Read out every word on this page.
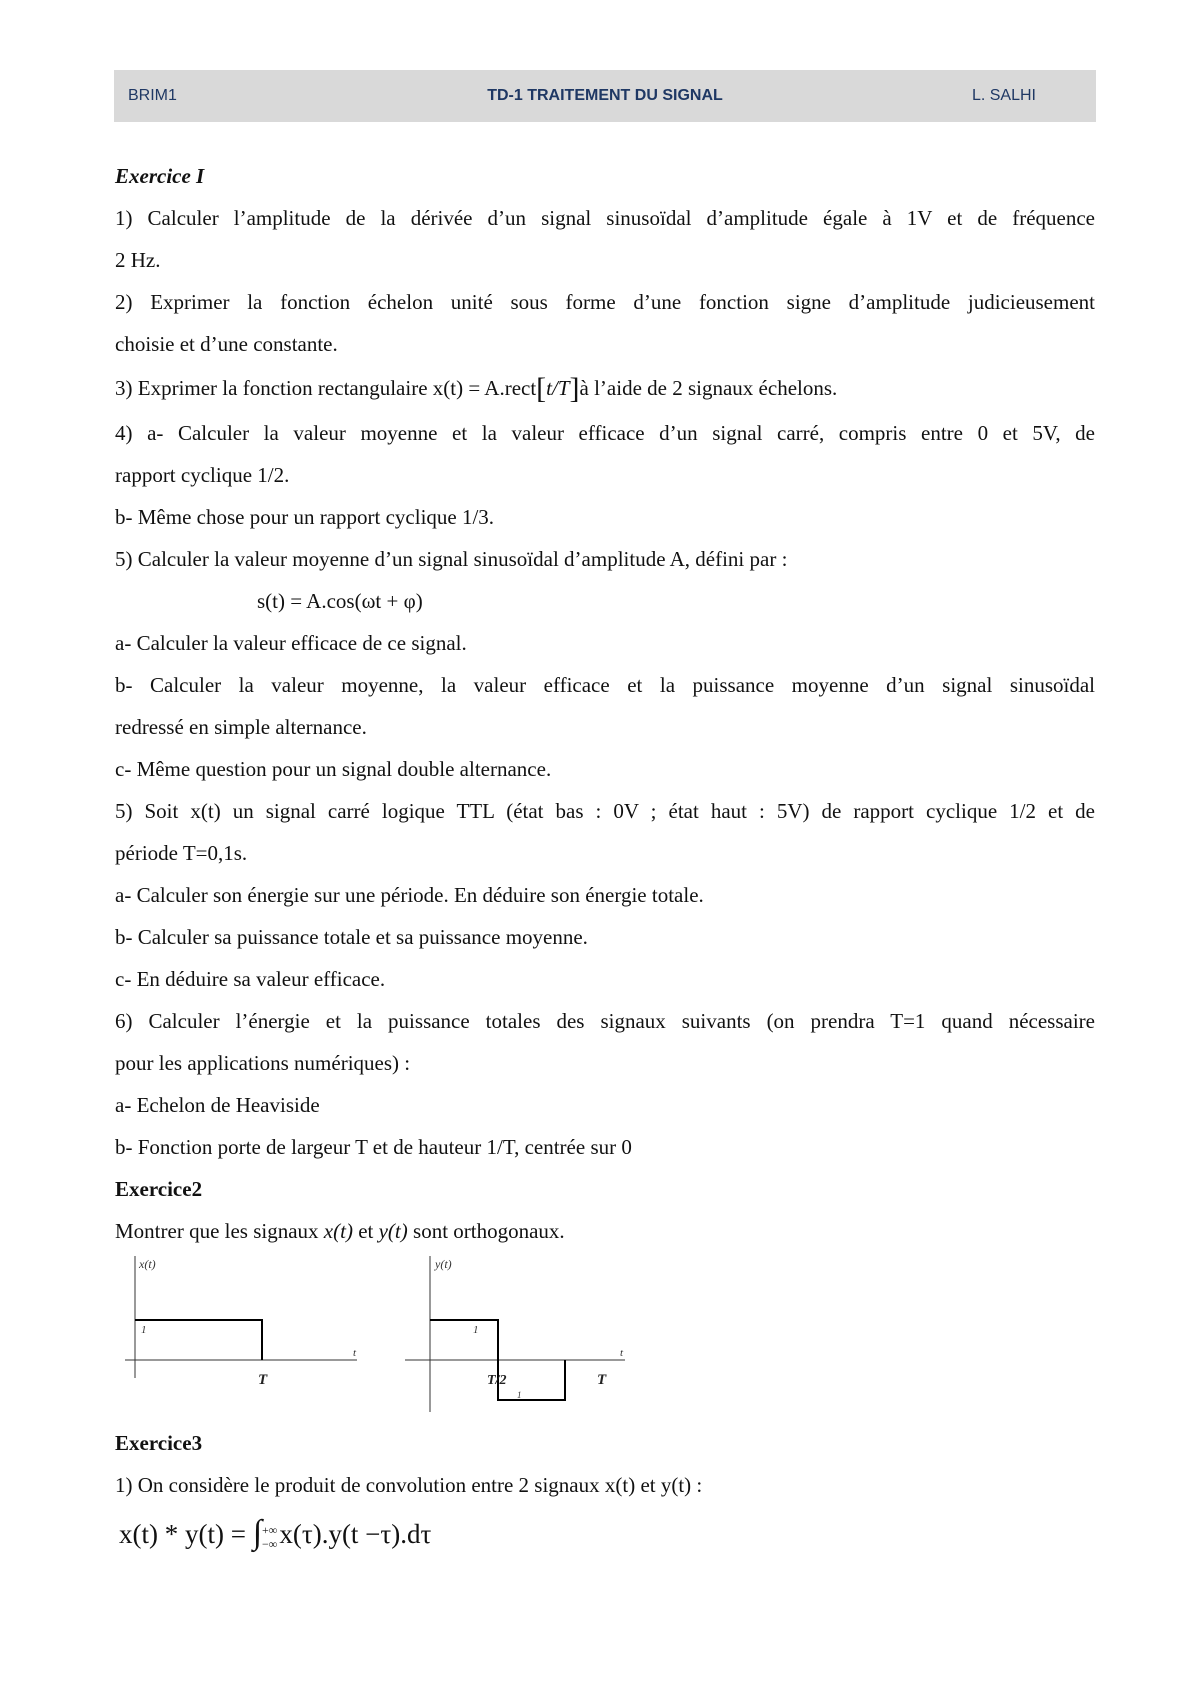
BRIM1	TD-1 TRAITEMENT DU SIGNAL	L. SALHI

Exercice I

1) Calculer l’amplitude de la dérivée d’un signal sinusoïdal d’amplitude égale à 1V et de fréquence

2 Hz.

2) Exprimer la fonction échelon unité sous forme d’une fonction signe d’amplitude judicieusement

choisie et d’une constante.

3) Exprimer la fonction rectangulaire x(t) = A.rect[t/T]à l’aide de 2 signaux échelons.

4) a- Calculer la valeur moyenne et la valeur efficace d’un signal carré, compris entre 0 et 5V, de

rapport cyclique 1/2.

b- Même chose pour un rapport cyclique 1/3.

5) Calculer la valeur moyenne d’un signal sinusoïdal d’amplitude A, défini par :

s(t) = A.cos(ωt + φ)

a- Calculer la valeur efficace de ce signal.

b- Calculer la valeur moyenne, la valeur efficace et la puissance moyenne d’un signal sinusoïdal

redressé en simple alternance.

c- Même question pour un signal double alternance.

5) Soit x(t) un signal carré logique TTL (état bas : 0V ; état haut : 5V) de rapport cyclique 1/2 et de

période T=0,1s.

a- Calculer son énergie sur une période. En déduire son énergie totale.

b- Calculer sa puissance totale et sa puissance moyenne.

c- En déduire sa valeur efficace.

6) Calculer l’énergie et la puissance totales des signaux suivants (on prendra T=1 quand nécessaire

pour les applications numériques) :

a- Echelon de Heaviside

b- Fonction porte de largeur T et de hauteur 1/T, centrée sur 0

Exercice2

Montrer que les signaux x(t) et y(t) sont orthogonaux.

x(t)
1
t
T
y(t)
1
1
t
T/2	T

Exercice3

1) On considère le produit de convolution entre 2 signaux x(t) et y(t) :

x(t) * y(t) = ∫ +∞
−∞ x(τ).y(t −τ).dτ
